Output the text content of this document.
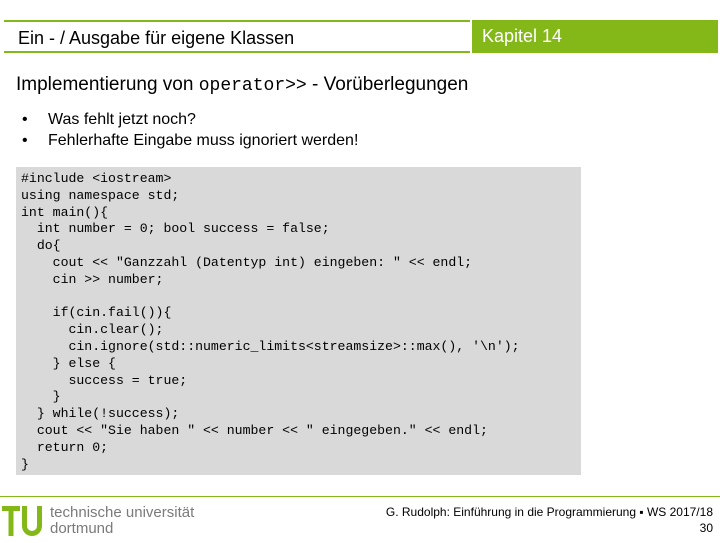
Ein - / Ausgabe für eigene Klassen	Kapitel 14
Implementierung von operator>> - Vorüberlegungen
• Was fehlt jetzt noch?
• Fehlerhafte Eingabe muss ignoriert werden!
#include <iostream>
using namespace std;
int main(){
int number = 0; bool success = false;
do{
cout << "Ganzzahl (Datentyp int) eingeben: " << endl;
cin >> number;

if(cin.fail()){
cin.clear();
cin.ignore(std::numeric_limits<streamsize>::max(), '\n');
} else {
success = true;
}
} while(!success);
cout << "Sie haben " << number << " eingegeben." << endl;
return 0;
}
technische universität
dortmund
G. Rudolph: Einführung in die Programmierung ▪ WS 2017/18
30
